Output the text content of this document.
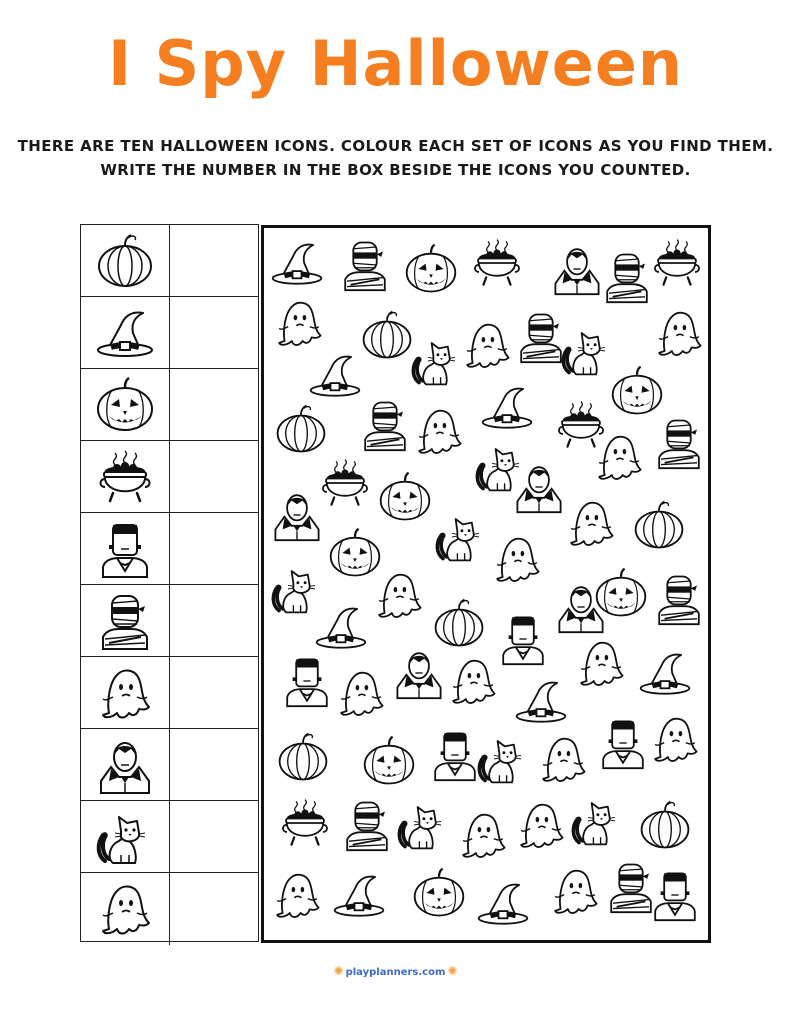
I Spy Halloween
THERE ARE TEN HALLOWEEN ICONS. COLOUR EACH SET OF ICONS AS YOU FIND THEM.
WRITE THE NUMBER IN THE BOX BESIDE THE ICONS YOU COUNTED.
✺ playplanners.com ✺
